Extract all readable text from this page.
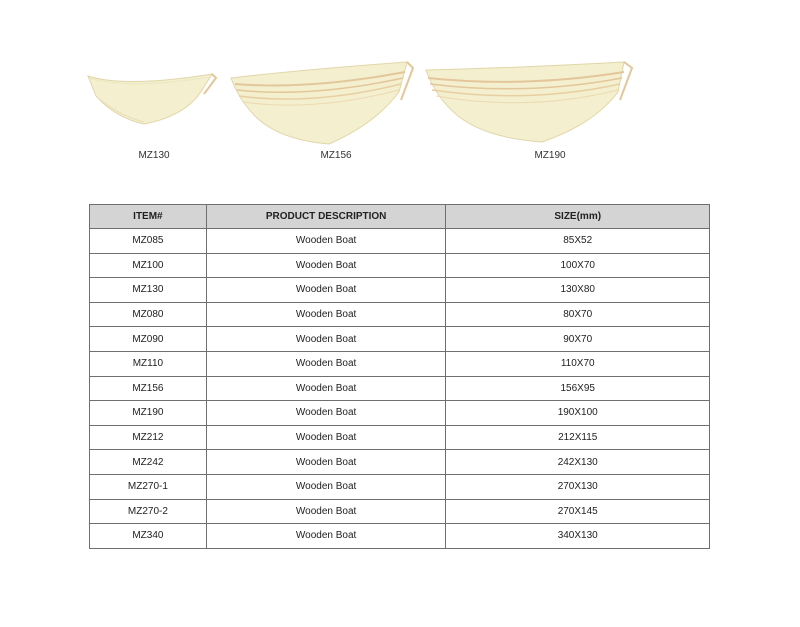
MZ130	MZ156	MZ190
ITEM#	PRODUCT DESCRIPTION	SIZE(mm)
MZ085	Wooden Boat	85X52
MZ100	Wooden Boat	100X70
MZ130	Wooden Boat	130X80
MZ080	Wooden Boat	80X70
MZ090	Wooden Boat	90X70
MZ110	Wooden Boat	110X70
MZ156	Wooden Boat	156X95
MZ190	Wooden Boat	190X100
MZ212	Wooden Boat	212X115
MZ242	Wooden Boat	242X130
MZ270-1	Wooden Boat	270X130
MZ270-2	Wooden Boat	270X145
MZ340	Wooden Boat	340X130
